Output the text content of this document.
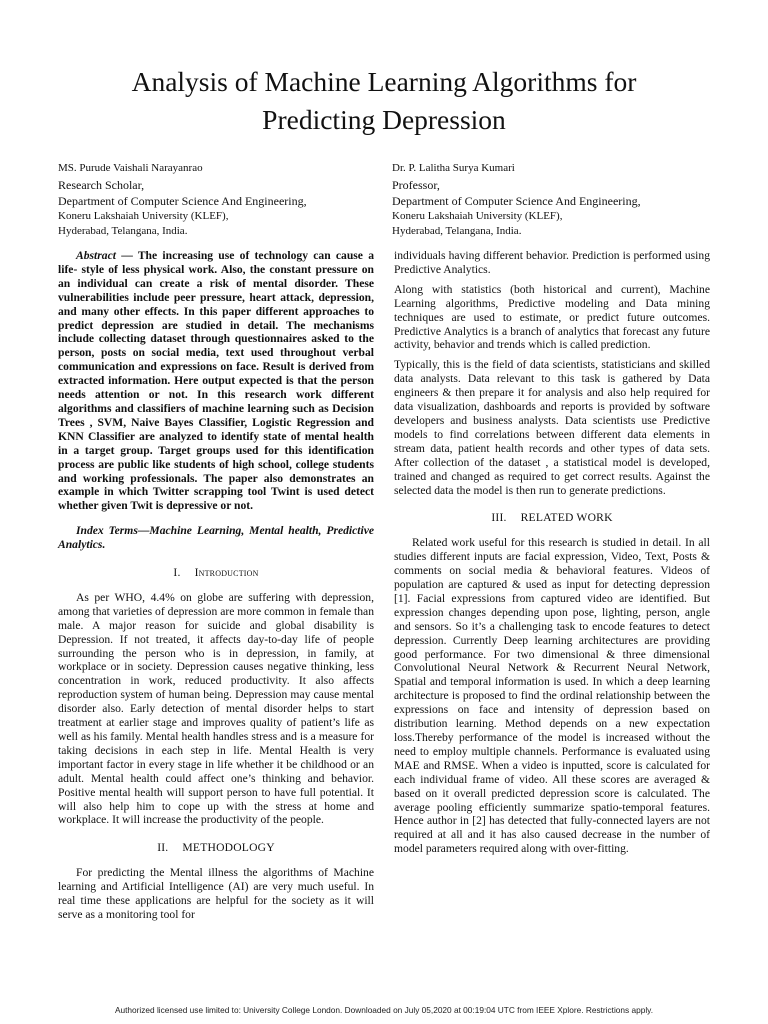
Analysis of Machine Learning Algorithms for
Predicting Depression
MS. Purude Vaishali Narayanrao
Research Scholar,
Department of Computer Science And Engineering,
Koneru Lakshaiah University (KLEF),
Hyderabad, Telangana, India.
Dr. P. Lalitha Surya Kumari
Professor,
Department of Computer Science And Engineering,
Koneru Lakshaiah University (KLEF),
Hyderabad, Telangana, India.

Abstract — The increasing use of technology can cause a life- style of less physical work. Also, the constant pressure on an individual can create a risk of mental disorder. These vulnerabilities include peer pressure, heart attack, depression, and many other effects. In this paper different approaches to predict depression are studied in detail. The mechanisms include collecting dataset through questionnaires asked to the person, posts on social media, text used throughout verbal communication and expressions on face. Result is derived from extracted information. Here output expected is that the person needs attention or not. In this research work different algorithms and classifiers of machine learning such as Decision Trees , SVM, Naive Bayes Classifier, Logistic Regression and KNN Classifier are analyzed to identify state of mental health in a target group. Target groups used for this identification process are public like students of high school, college students and working professionals. The paper also demonstrates an example in which Twitter scrapping tool Twint is used detect whether given Twit is depressive or not.

Index Terms—Machine Learning, Mental health, Predictive Analytics.

I. Introduction

As per WHO, 4.4% on globe are suffering with depression, among that varieties of depression are more common in female than male. A major reason for suicide and global disability is Depression. If not treated, it affects day-to-day life of people surrounding the person who is in depression, in family, at workplace or in society. Depression causes negative thinking, less concentration in work, reduced productivity. It also affects reproduction system of human being. Depression may cause mental disorder also. Early detection of mental disorder helps to start treatment at earlier stage and improves quality of patient’s life as well as his family. Mental health handles stress and is a measure for taking decisions in each step in life. Mental Health is very important factor in every stage in life whether it be childhood or an adult. Mental health could affect one’s thinking and behavior. Positive mental health will support person to have full potential. It will also help him to cope up with the stress at home and workplace. It will increase the productivity of the people.

II. METHODOLOGY

For predicting the Mental illness the algorithms of Machine learning and Artificial Intelligence (AI) are very much useful. In real time these applications are helpful for the society as it will serve as a monitoring tool for

individuals having different behavior. Prediction is performed using Predictive Analytics.

Along with statistics (both historical and current), Machine Learning algorithms, Predictive modeling and Data mining techniques are used to estimate, or predict future outcomes. Predictive Analytics is a branch of analytics that forecast any future activity, behavior and trends which is called prediction.

Typically, this is the field of data scientists, statisticians and skilled data analysts. Data relevant to this task is gathered by Data engineers & then prepare it for analysis and also help required for data visualization, dashboards and reports is provided by software developers and business analysts. Data scientists use Predictive models to find correlations between different data elements in stream data, patient health records and other types of data sets. After collection of the dataset , a statistical model is developed, trained and changed as required to get correct results. Against the selected data the model is then run to generate predictions.

III. RELATED WORK

Related work useful for this research is studied in detail. In all studies different inputs are facial expression, Video, Text, Posts & comments on social media & behavioral features. Videos of population are captured & used as input for detecting depression [1]. Facial expressions from captured video are identified. But expression changes depending upon pose, lighting, person, angle and sensors. So it’s a challenging task to encode features to detect depression. Currently Deep learning architectures are providing good performance. For two dimensional & three dimensional Convolutional Neural Network & Recurrent Neural Network, Spatial and temporal information is used. In which a deep learning architecture is proposed to find the ordinal relationship between the expressions on face and intensity of depression based on distribution learning. Method depends on a new expectation loss.Thereby performance of the model is increased without the need to employ multiple channels. Performance is evaluated using MAE and RMSE. When a video is inputted, score is calculated for each individual frame of video. All these scores are averaged & based on it overall predicted depression score is calculated. The average pooling efficiently summarize spatio-temporal features. Hence author in [2] has detected that fully-connected layers are not required at all and it has also caused decrease in the number of model parameters required along with over-fitting.

Authorized licensed use limited to: University College London. Downloaded on July 05,2020 at 00:19:04 UTC from IEEE Xplore. Restrictions apply.
